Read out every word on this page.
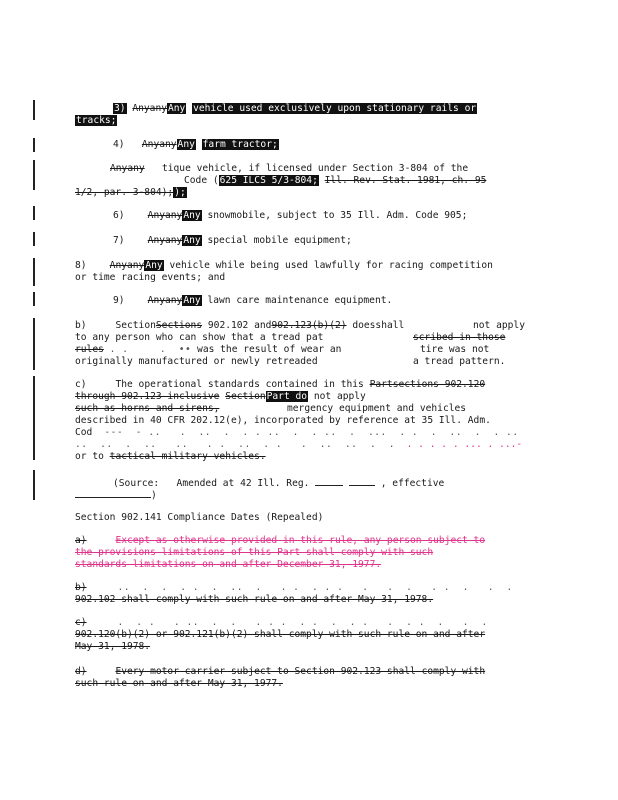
3) AnyanyAny vehicle used exclusively upon stationary rails or
tracks;
4) AnyanyAny farm tractor;
Anyany tique vehicle, if licensed under Section 3-804 of the
Code (625 ILCS 5/3-804; Ill. Rev. Stat. 1981, ch. 95
1/2, par. 3-804););
6) AnyanyAny snowmobile, subject to 35 Ill. Adm. Code 905;
7) AnyanyAny special mobile equipment;
8) AnyanyAny vehicle while being used lawfully for racing competition
or time racing events; and
9) AnyanyAny lawn care maintenance equipment.
b)	SectionSections 902.102 and902.123(b)(2) doesshall	not apply
to any person who can show that a tread pat	scribed in those
rules . .     .  •• was the result of wear an	tire was not
originally manufactured or newly retreaded	a tread pattern.
c)	The operational standards contained in this Partsections 902.120
through 902.123 inclusive SectionPart do not apply
such as horns and sirens,	mergency equipment and vehicles
described in 40 CFR 202.12(e), incorporated by reference at 35 Ill. Adm.
Cod  ---  - ..   .  ..  .  . . ..  .  . ..  .  ...  . .  .  ..  .  . ..
..  ..  .  ..   ..   . .  ..  . .   .  ..  ..  .  .  . . . . . ... . ...-
or to tactical military vehicles.
(Source: Amended at 42 Ill. Reg.	, effective
)
Section 902.141 Compliance Dates (Repealed)
a)	Except as otherwise provided in this rule, any person subject to
the provisions limitations of this Part shall comply with such
standards limitations on and after December 31, 1977.
b)     ..  .  .  . .  .  ..  .   . .  . . .   .   .  .   . .  .   .  .
902.102 shall comply with such rule on and after May 31, 1978.
c)     .  . .   . ..  .  .   . . .  . .  .  . .   .  . .  .   .  .
902.120(b)(2) or 902.121(b)(2) shall comply with such rule on and after
May 31, 1978.
d)	Every motor carrier subject to Section 902.123 shall comply with
such rule on and after May 31, 1977.
